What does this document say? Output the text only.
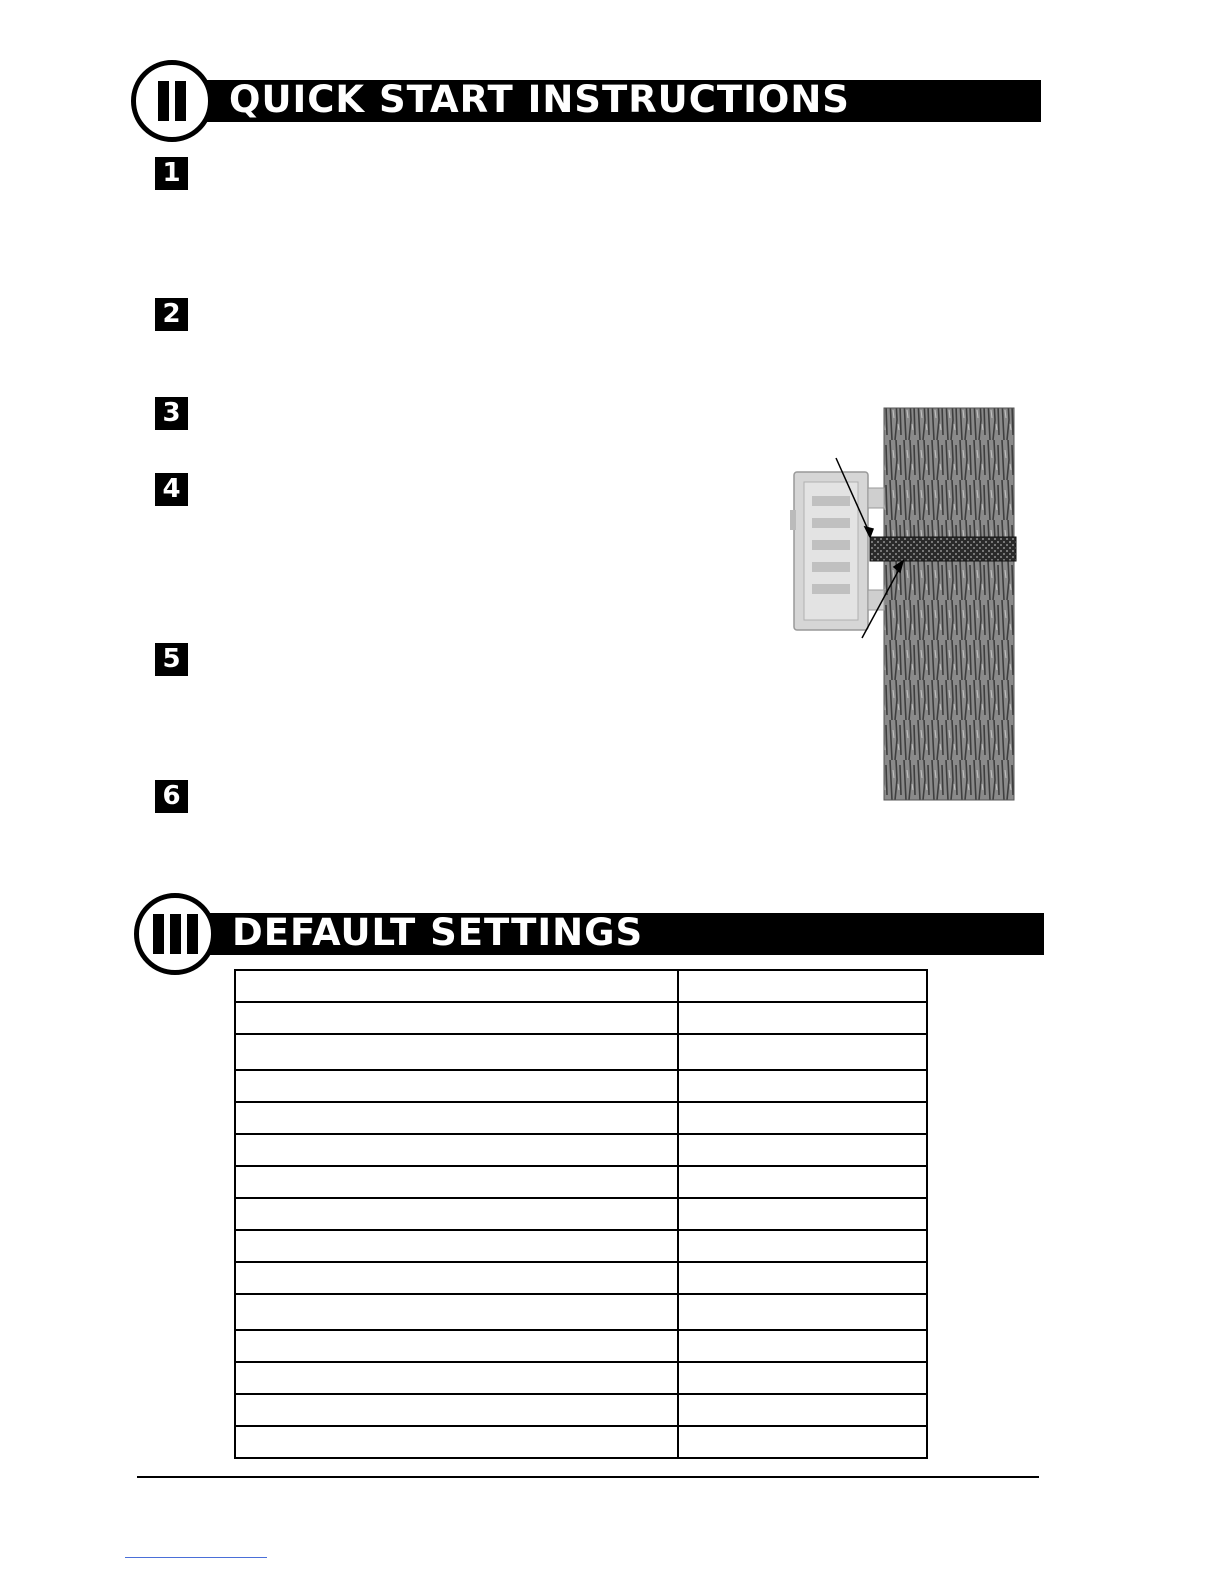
QUICK START INSTRUCTIONS
1
2
3
4
5
6
DEFAULT SETTINGS
